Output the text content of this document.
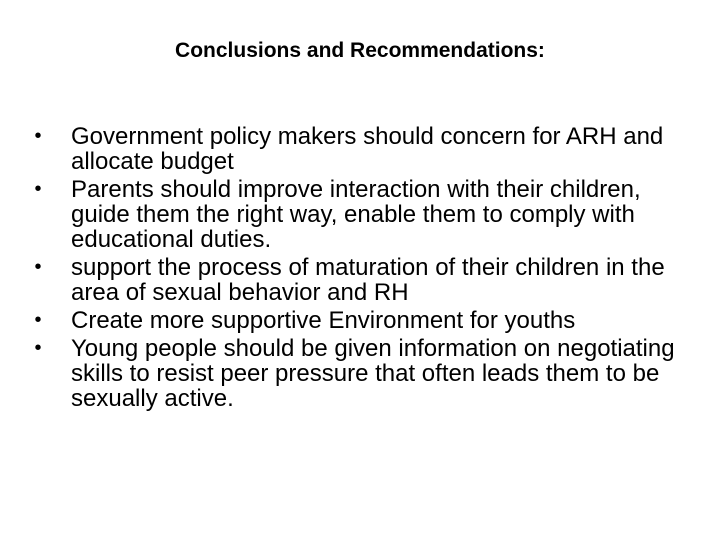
Conclusions and Recommendations:
• Government policy makers should concern for ARH and allocate budget
• Parents should improve interaction with their children, guide them the right way, enable them to comply with educational duties.
• support the process of maturation of their children in the area of sexual behavior and RH
• Create more supportive Environment for youths
• Young people should be given information on negotiating skills to resist peer pressure that often leads them to be sexually active.
